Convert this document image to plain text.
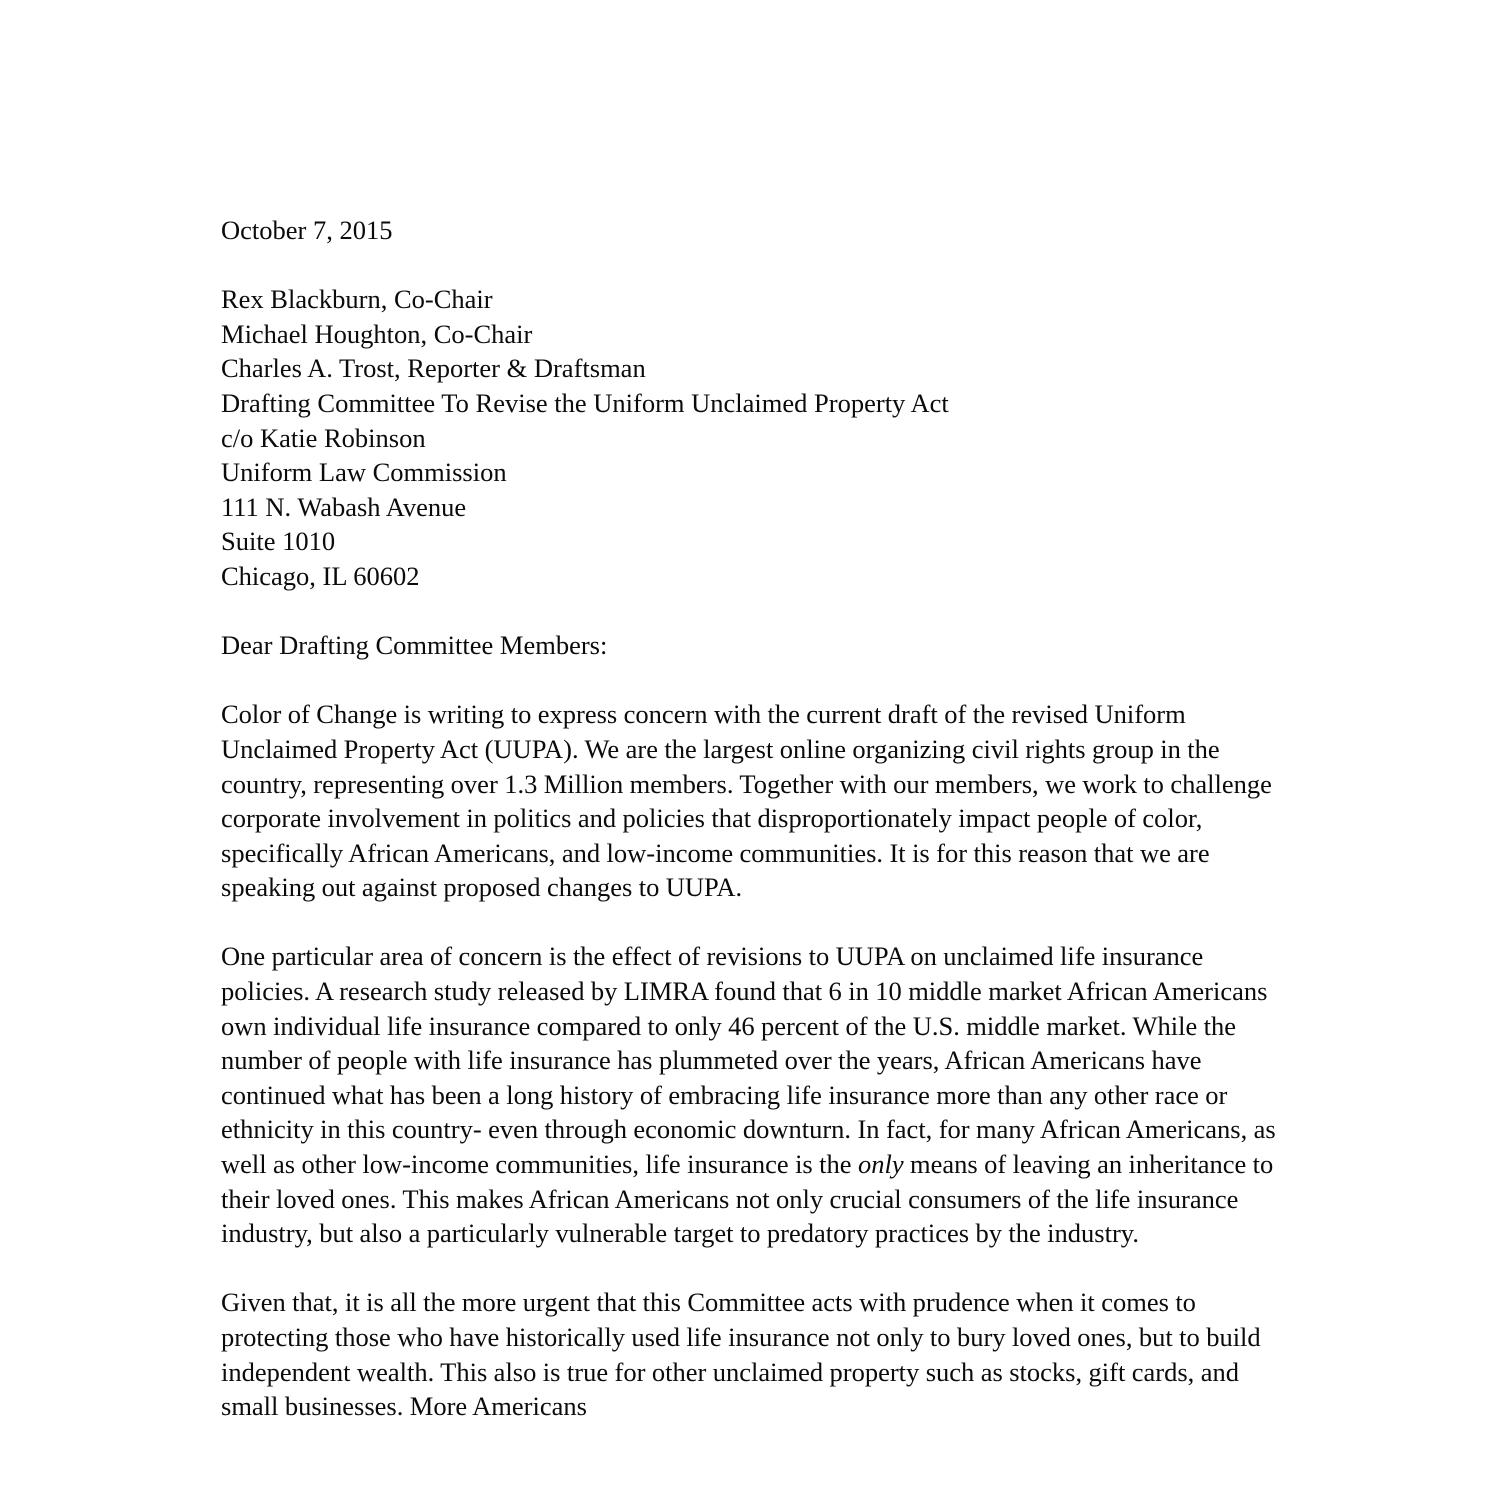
October 7, 2015
Rex Blackburn, Co-Chair
Michael Houghton, Co-Chair
Charles A. Trost, Reporter & Draftsman
Drafting Committee To Revise the Uniform Unclaimed Property Act
c/o Katie Robinson
Uniform Law Commission
111 N. Wabash Avenue
Suite 1010
Chicago, IL 60602
Dear Drafting Committee Members:

Color of Change is writing to express concern with the current draft of the revised Uniform Unclaimed Property Act (UUPA). We are the largest online organizing civil rights group in the country, representing over 1.3 Million members. Together with our members, we work to challenge corporate involvement in politics and policies that disproportionately impact people of color, specifically African Americans, and low-income communities. It is for this reason that we are speaking out against proposed changes to UUPA.

One particular area of concern is the effect of revisions to UUPA on unclaimed life insurance policies. A research study released by LIMRA found that 6 in 10 middle market African Americans own individual life insurance compared to only 46 percent of the U.S. middle market. While the number of people with life insurance has plummeted over the years, African Americans have continued what has been a long history of embracing life insurance more than any other race or ethnicity in this country- even through economic downturn. In fact, for many African Americans, as well as other low-income communities, life insurance is the only means of leaving an inheritance to their loved ones. This makes African Americans not only crucial consumers of the life insurance industry, but also a particularly vulnerable target to predatory practices by the industry.

Given that, it is all the more urgent that this Committee acts with prudence when it comes to protecting those who have historically used life insurance not only to bury loved ones, but to build independent wealth. This also is true for other unclaimed property such as stocks, gift cards, and small businesses. More Americans
